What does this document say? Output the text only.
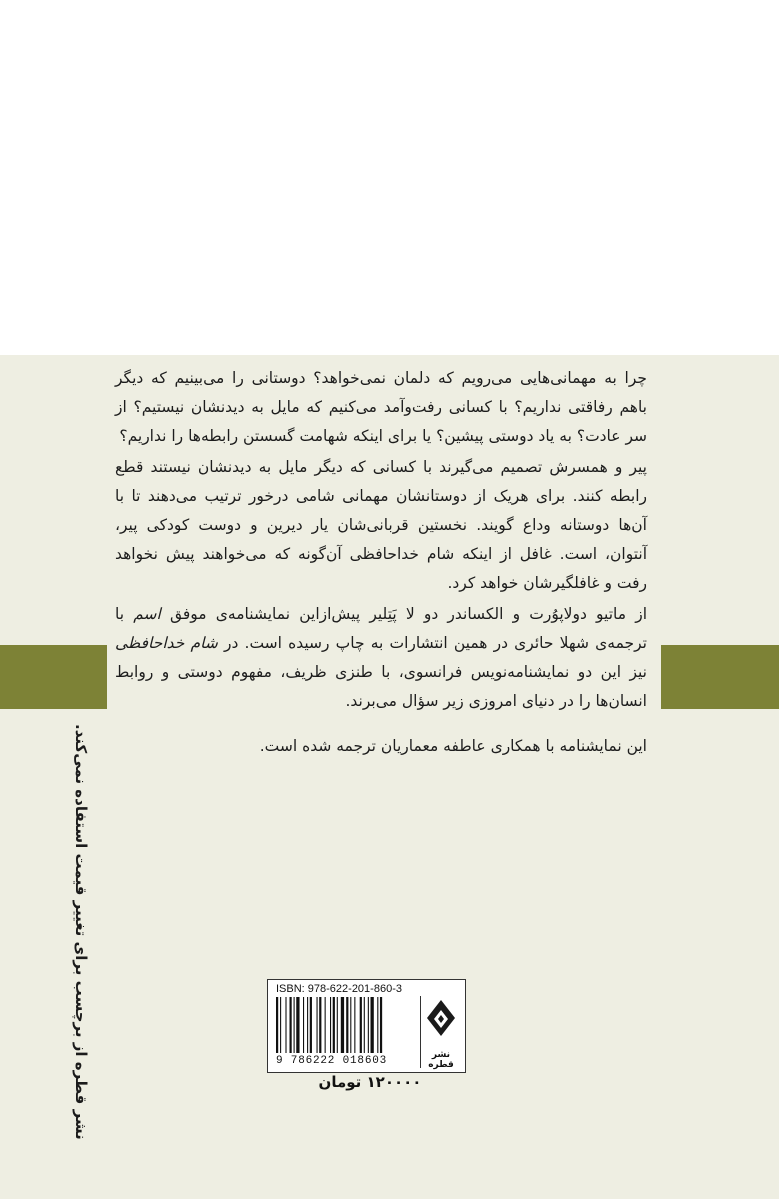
چرا به مهمانی‌هایی می‌رویم که دلمان نمی‌خواهد؟ دوستانی را می‌بینیم که دیگر باهم رفاقتی نداریم؟ با کسانی رفت‌وآمد می‌کنیم که مایل به دیدنشان نیستیم؟ از سر عادت؟ به یاد دوستی پیشین؟ یا برای اینکه شهامت گسستن رابطه‌ها را نداریم؟

پیر و همسرش تصمیم می‌گیرند با کسانی که دیگر مایل به دیدنشان نیستند قطع رابطه کنند. برای هریک از دوستانشان مهمانی شامی درخور ترتیب می‌دهند تا با آن‌ها دوستانه وداع گویند. نخستین قربانی‌شان یار دیرین و دوست کودکی پیر، آنتوان، است. غافل از اینکه شام خداحافظی آن‌گونه که می‌خواهند پیش نخواهد رفت و غافلگیرشان خواهد کرد.

از ماتیو دولاپوُرت و الکساندر دو لا پَتِلیر پیش‌ازاین نمایشنامه‌ی موفق اسم با ترجمه‌ی شهلا حائری در همین انتشارات به چاپ رسیده است. در شام خداحافظی نیز این دو نمایشنامه‌نویس فرانسوی، با طنزی ظریف، مفهوم دوستی و روابط انسان‌ها را در دنیای امروزی زیر سؤال می‌برند.

این نمایشنامه با همکاری عاطفه معماریان ترجمه شده است.

نشر قطره از برچسب برای تغییر قیمت استفاده نمی‌کند.	ISBN: 978-622-201-860-3
9 786222 018603	نشر قطره
۱۲۰۰۰۰ تومان
